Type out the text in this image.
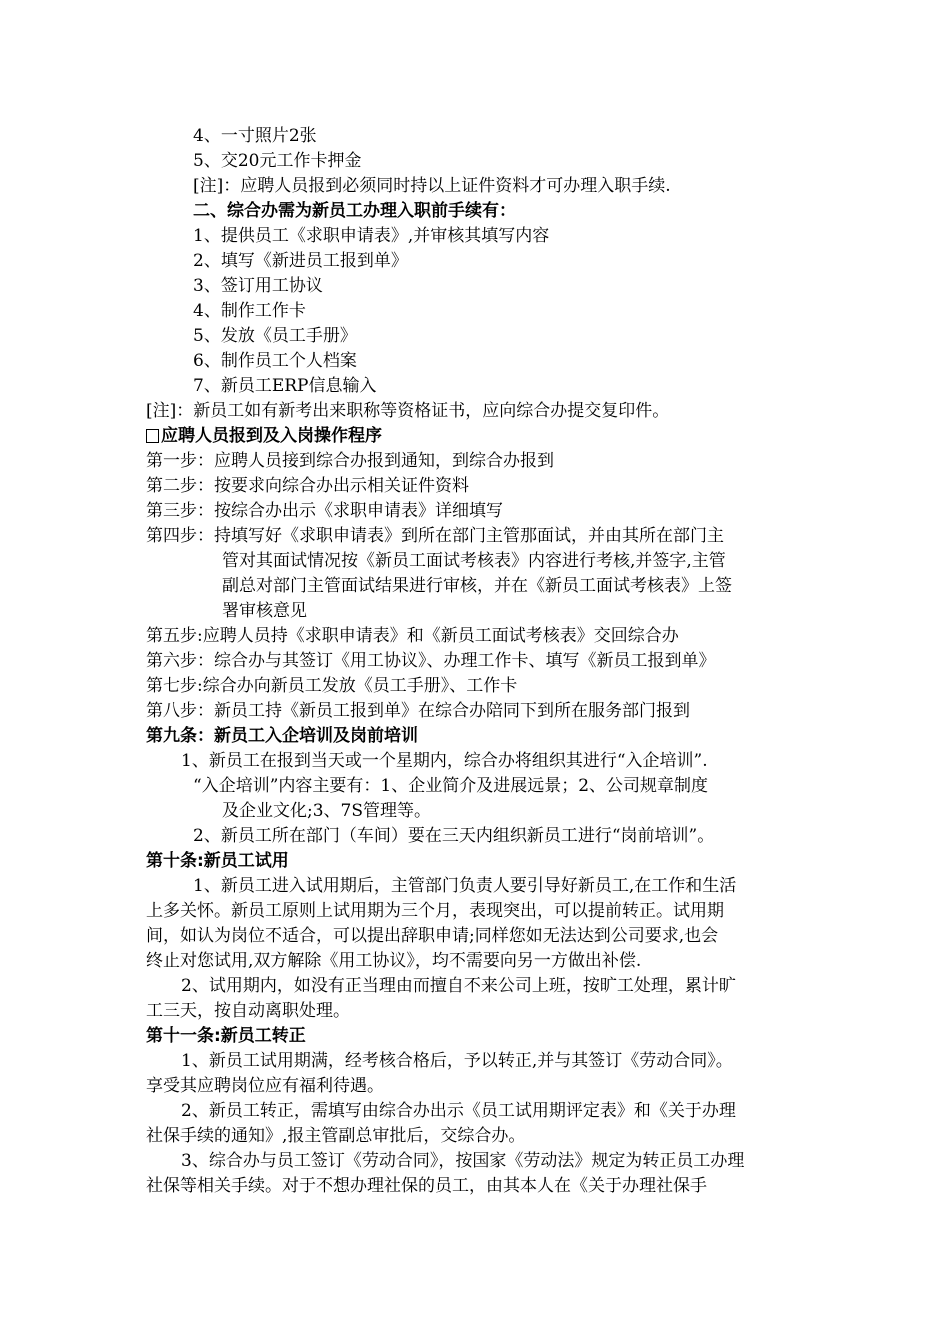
4、一寸照片2张
5、交20元工作卡押金
[注]：应聘人员报到必须同时持以上证件资料才可办理入职手续.
二、综合办需为新员工办理入职前手续有：
1、提供员工《求职申请表》,并审核其填写内容
2、填写《新进员工报到单》
3、签订用工协议
4、制作工作卡
5、发放《员工手册》
6、制作员工个人档案
7、新员工ERP信息输入
[注]：新员工如有新考出来职称等资格证书，应向综合办提交复印件。
应聘人员报到及入岗操作程序
第一步：应聘人员接到综合办报到通知，到综合办报到
第二步：按要求向综合办出示相关证件资料
第三步：按综合办出示《求职申请表》详细填写
第四步：持填写好《求职申请表》到所在部门主管那面试，并由其所在部门主
管对其面试情况按《新员工面试考核表》内容进行考核,并签字,主管
副总对部门主管面试结果进行审核，并在《新员工面试考核表》上签
署审核意见
第五步:应聘人员持《求职申请表》和《新员工面试考核表》交回综合办
第六步：综合办与其签订《用工协议》、办理工作卡、填写《新员工报到单》
第七步:综合办向新员工发放《员工手册》、工作卡
第八步：新员工持《新员工报到单》在综合办陪同下到所在服务部门报到
第九条：新员工入企培训及岗前培训
1、新员工在报到当天或一个星期内，综合办将组织其进行“入企培训”.
“入企培训”内容主要有：1、企业简介及进展远景；2、公司规章制度
及企业文化;3、7S管理等。
2、新员工所在部门（车间）要在三天内组织新员工进行“岗前培训”。
第十条:新员工试用
1、新员工进入试用期后，主管部门负责人要引导好新员工,在工作和生活
上多关怀。新员工原则上试用期为三个月，表现突出，可以提前转正。试用期
间，如认为岗位不适合，可以提出辞职申请;同样您如无法达到公司要求,也会
终止对您试用,双方解除《用工协议》，均不需要向另一方做出补偿.
2、试用期内，如没有正当理由而擅自不来公司上班，按旷工处理，累计旷
工三天，按自动离职处理。
第十一条:新员工转正
1、新员工试用期满，经考核合格后，予以转正,并与其签订《劳动合同》。
享受其应聘岗位应有福利待遇。
2、新员工转正，需填写由综合办出示《员工试用期评定表》和《关于办理
社保手续的通知》,报主管副总审批后，交综合办。
3、综合办与员工签订《劳动合同》，按国家《劳动法》规定为转正员工办理
社保等相关手续。对于不想办理社保的员工，由其本人在《关于办理社保手
